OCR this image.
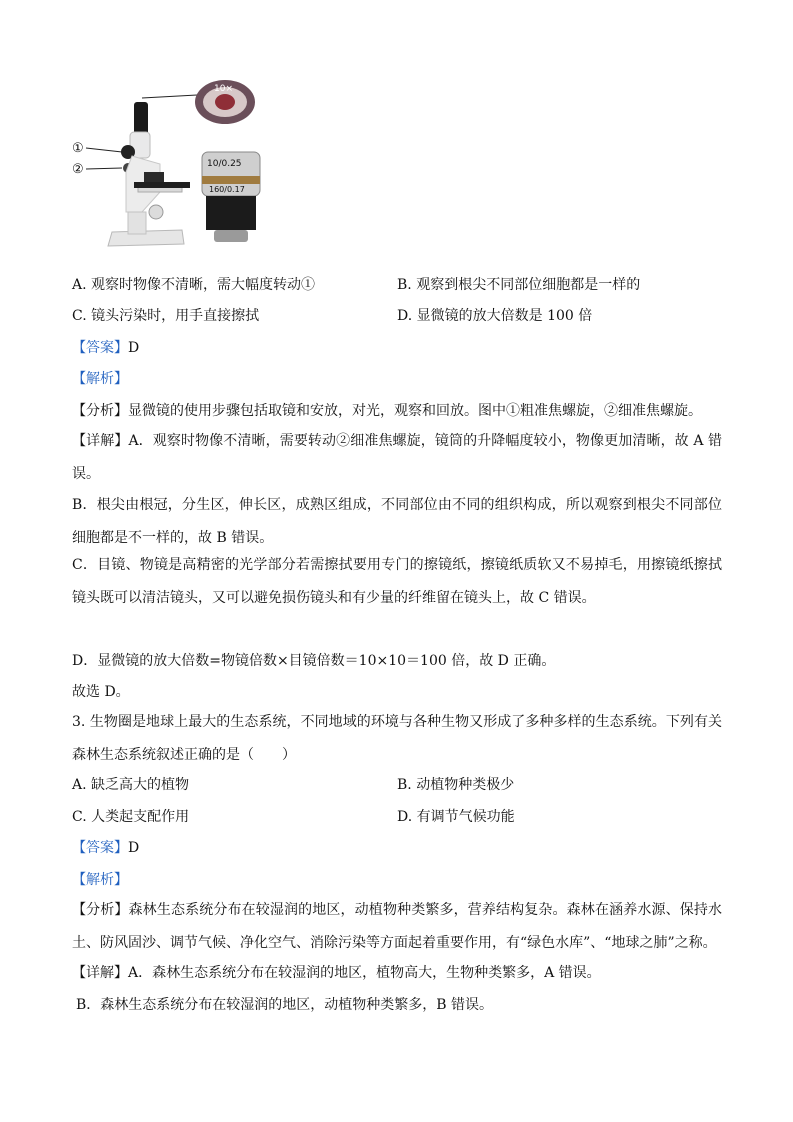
10×
10/0.25
160/0.17
①
②
A. 观察时物像不清晰，需大幅度转动①	B. 观察到根尖不同部位细胞都是一样的
C. 镜头污染时，用手直接擦拭	D. 显微镜的放大倍数是 100 倍
【答案】D
【解析】
【分析】显微镜的使用步骤包括取镜和安放，对光，观察和回放。图中①粗准焦螺旋，②细准焦螺旋。
【详解】A．观察时物像不清晰，需要转动②细准焦螺旋，镜筒的升降幅度较小，物像更加清晰，故 A 错误。
B．根尖由根冠，分生区，伸长区，成熟区组成，不同部位由不同的组织构成，所以观察到根尖不同部位细胞都是不一样的，故 B 错误。
C．目镜、物镜是高精密的光学部分若需擦拭要用专门的擦镜纸，擦镜纸质软又不易掉毛，用擦镜纸擦拭镜头既可以清洁镜头，又可以避免损伤镜头和有少量的纤维留在镜头上，故 C 错误。
D．显微镜的放大倍数=物镜倍数×目镜倍数＝10×10＝100 倍，故 D 正确。
故选 D。
3. 生物圈是地球上最大的生态系统，不同地域的环境与各种生物又形成了多种多样的生态系统。下列有关森林生态系统叙述正确的是（　　）
A. 缺乏高大的植物	B. 动植物种类极少
C. 人类起支配作用	D. 有调节气候功能
【答案】D
【解析】
【分析】森林生态系统分布在较湿润的地区，动植物种类繁多，营养结构复杂。森林在涵养水源、保持水土、防风固沙、调节气候、净化空气、消除污染等方面起着重要作用，有“绿色水库”、“地球之肺”之称。
【详解】A．森林生态系统分布在较湿润的地区，植物高大，生物种类繁多，A 错误。
B．森林生态系统分布在较湿润的地区，动植物种类繁多，B 错误。
